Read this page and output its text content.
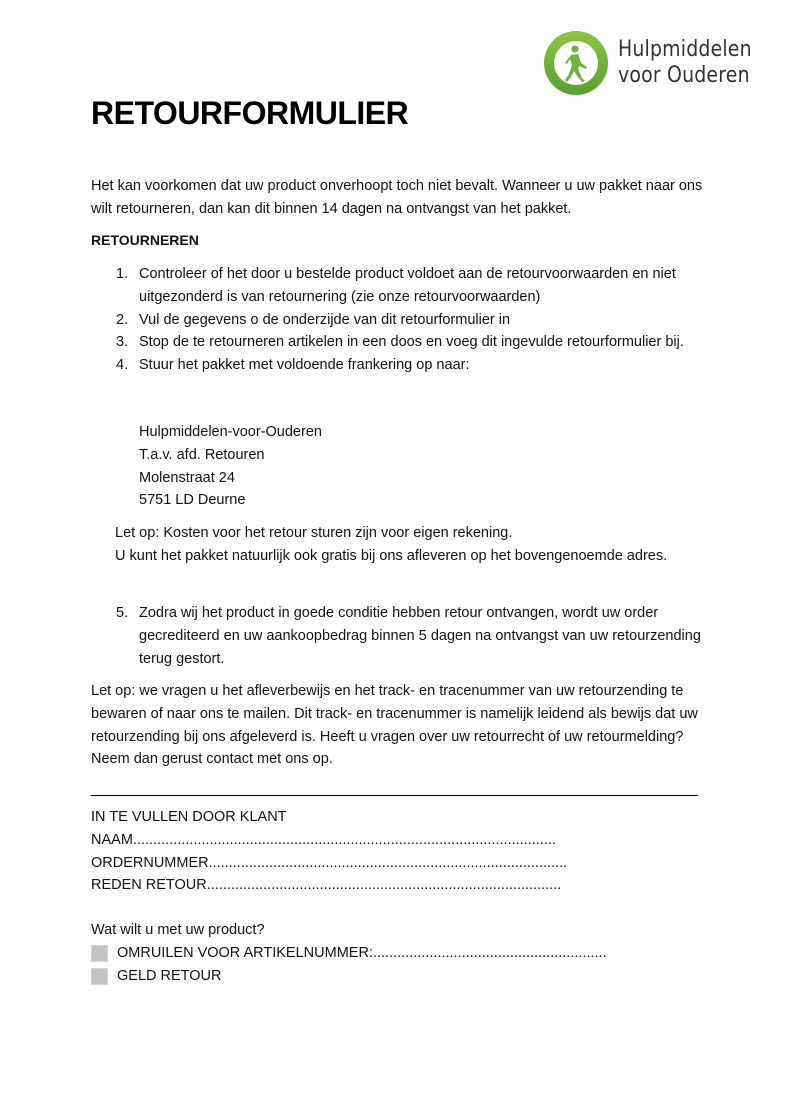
Hulpmiddelen
voor Ouderen
RETOURFORMULIER
Het kan voorkomen dat uw product onverhoopt toch niet bevalt. Wanneer u uw pakket naar ons wilt retourneren, dan kan dit binnen 14 dagen na ontvangst van het pakket.
RETOURNEREN
1. Controleer of het door u bestelde product voldoet aan de retourvoorwaarden en niet uitgezonderd is van retournering (zie onze retourvoorwaarden)
2. Vul de gegevens o de onderzijde van dit retourformulier in
3. Stop de te retourneren artikelen in een doos en voeg dit ingevulde retourformulier bij.
4. Stuur het pakket met voldoende frankering op naar:
Hulpmiddelen-voor-Ouderen
T.a.v. afd. Retouren
Molenstraat 24
5751 LD Deurne
Let op: Kosten voor het retour sturen zijn voor eigen rekening.
U kunt het pakket natuurlijk ook gratis bij ons afleveren op het bovengenoemde adres.
5. Zodra wij het product in goede conditie hebben retour ontvangen, wordt uw order gecrediteerd en uw aankoopbedrag binnen 5 dagen na ontvangst van uw retourzending terug gestort.
Let op: we vragen u het afleverbewijs en het track- en tracenummer van uw retourzending te bewaren of naar ons te mailen. Dit track- en tracenummer is namelijk leidend als bewijs dat uw retourzending bij ons afgeleverd is. Heeft u vragen over uw retourrecht of uw retourmelding? Neem dan gerust contact met ons op.
IN TE VULLEN DOOR KLANT
NAAM.........................................................................................................
ORDERNUMMER.........................................................................................
REDEN RETOUR........................................................................................
Wat wilt u met uw product?
OMRUILEN VOOR ARTIKELNUMMER: ..........................................................
GELD RETOUR
